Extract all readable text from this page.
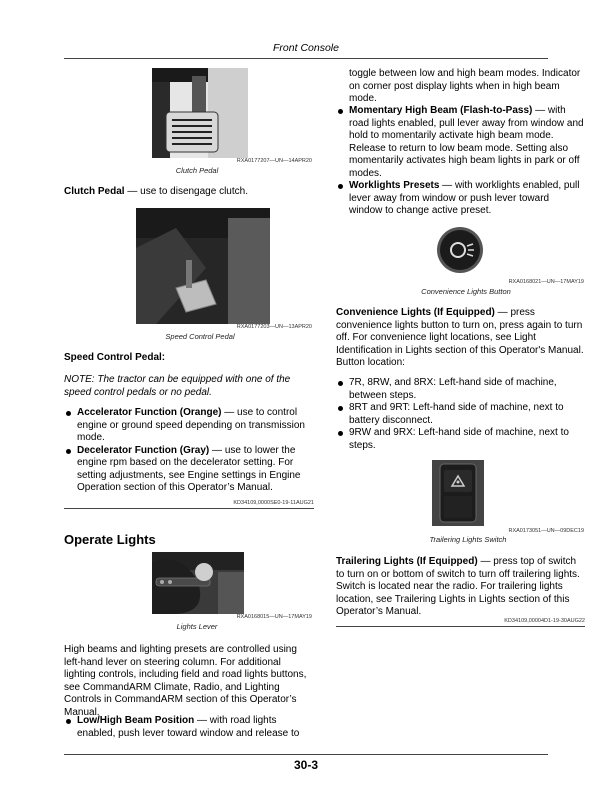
Front Console
RXA0177207—UN—14APR20
Clutch Pedal

Clutch Pedal — use to disengage clutch.

RXA0177203—UN—13APR20
Speed Control Pedal

Speed Control Pedal:

NOTE: The tractor can be equipped with one of the speed control pedals or no pedal.

Accelerator Function (Orange) — use to control engine or ground speed depending on transmission mode.
Decelerator Function (Gray) — use to lower the engine rpm based on the decelerator setting. For setting adjustments, see Engine settings in Engine Operation section of this Operator’s Manual.
KD34109,0000SE0-19-11AUG21
Operate Lights
RXA0168015—UN—17MAY19
Lights Lever

High beams and lighting presets are controlled using left-hand lever on steering column. For additional lighting controls, including field and road lights buttons, see CommandARM Climate, Radio, and Lighting Controls in CommandARM section of this Operator’s Manual.

Low/High Beam Position — with road lights enabled, push lever toward window and release to

toggle between low and high beam modes. Indicator on corner post display lights when in high beam mode.

Momentary High Beam (Flash-to-Pass) — with road lights enabled, pull lever away from window and hold to momentarily activate high beam mode. Release to return to low beam mode. Setting also momentarily activates high beam lights in park or off modes.
Worklights Presets — with worklights enabled, pull lever away from window or push lever toward window to change active preset.
RXA0168021—UN—17MAY19
Convenience Lights Button

Convenience Lights (If Equipped) — press convenience lights button to turn on, press again to turn off. For convenience light locations, see Light Identification in Lights section of this Operator's Manual.

Button location:

7R, 8RW, and 8RX: Left-hand side of machine, between steps.
8RT and 9RT: Left-hand side of machine, next to battery disconnect.
9RW and 9RX: Left-hand side of machine, next to steps.
RXA0173051—UN—09DEC19
Trailering Lights Switch

Trailering Lights (If Equipped) — press top of switch to turn on or bottom of switch to turn off trailering lights. Switch is located near the radio. For trailering lights location, see Trailering Lights in Lights section of this Operator’s Manual.

KD34109,00004D1-19-30AUG22
30-3
